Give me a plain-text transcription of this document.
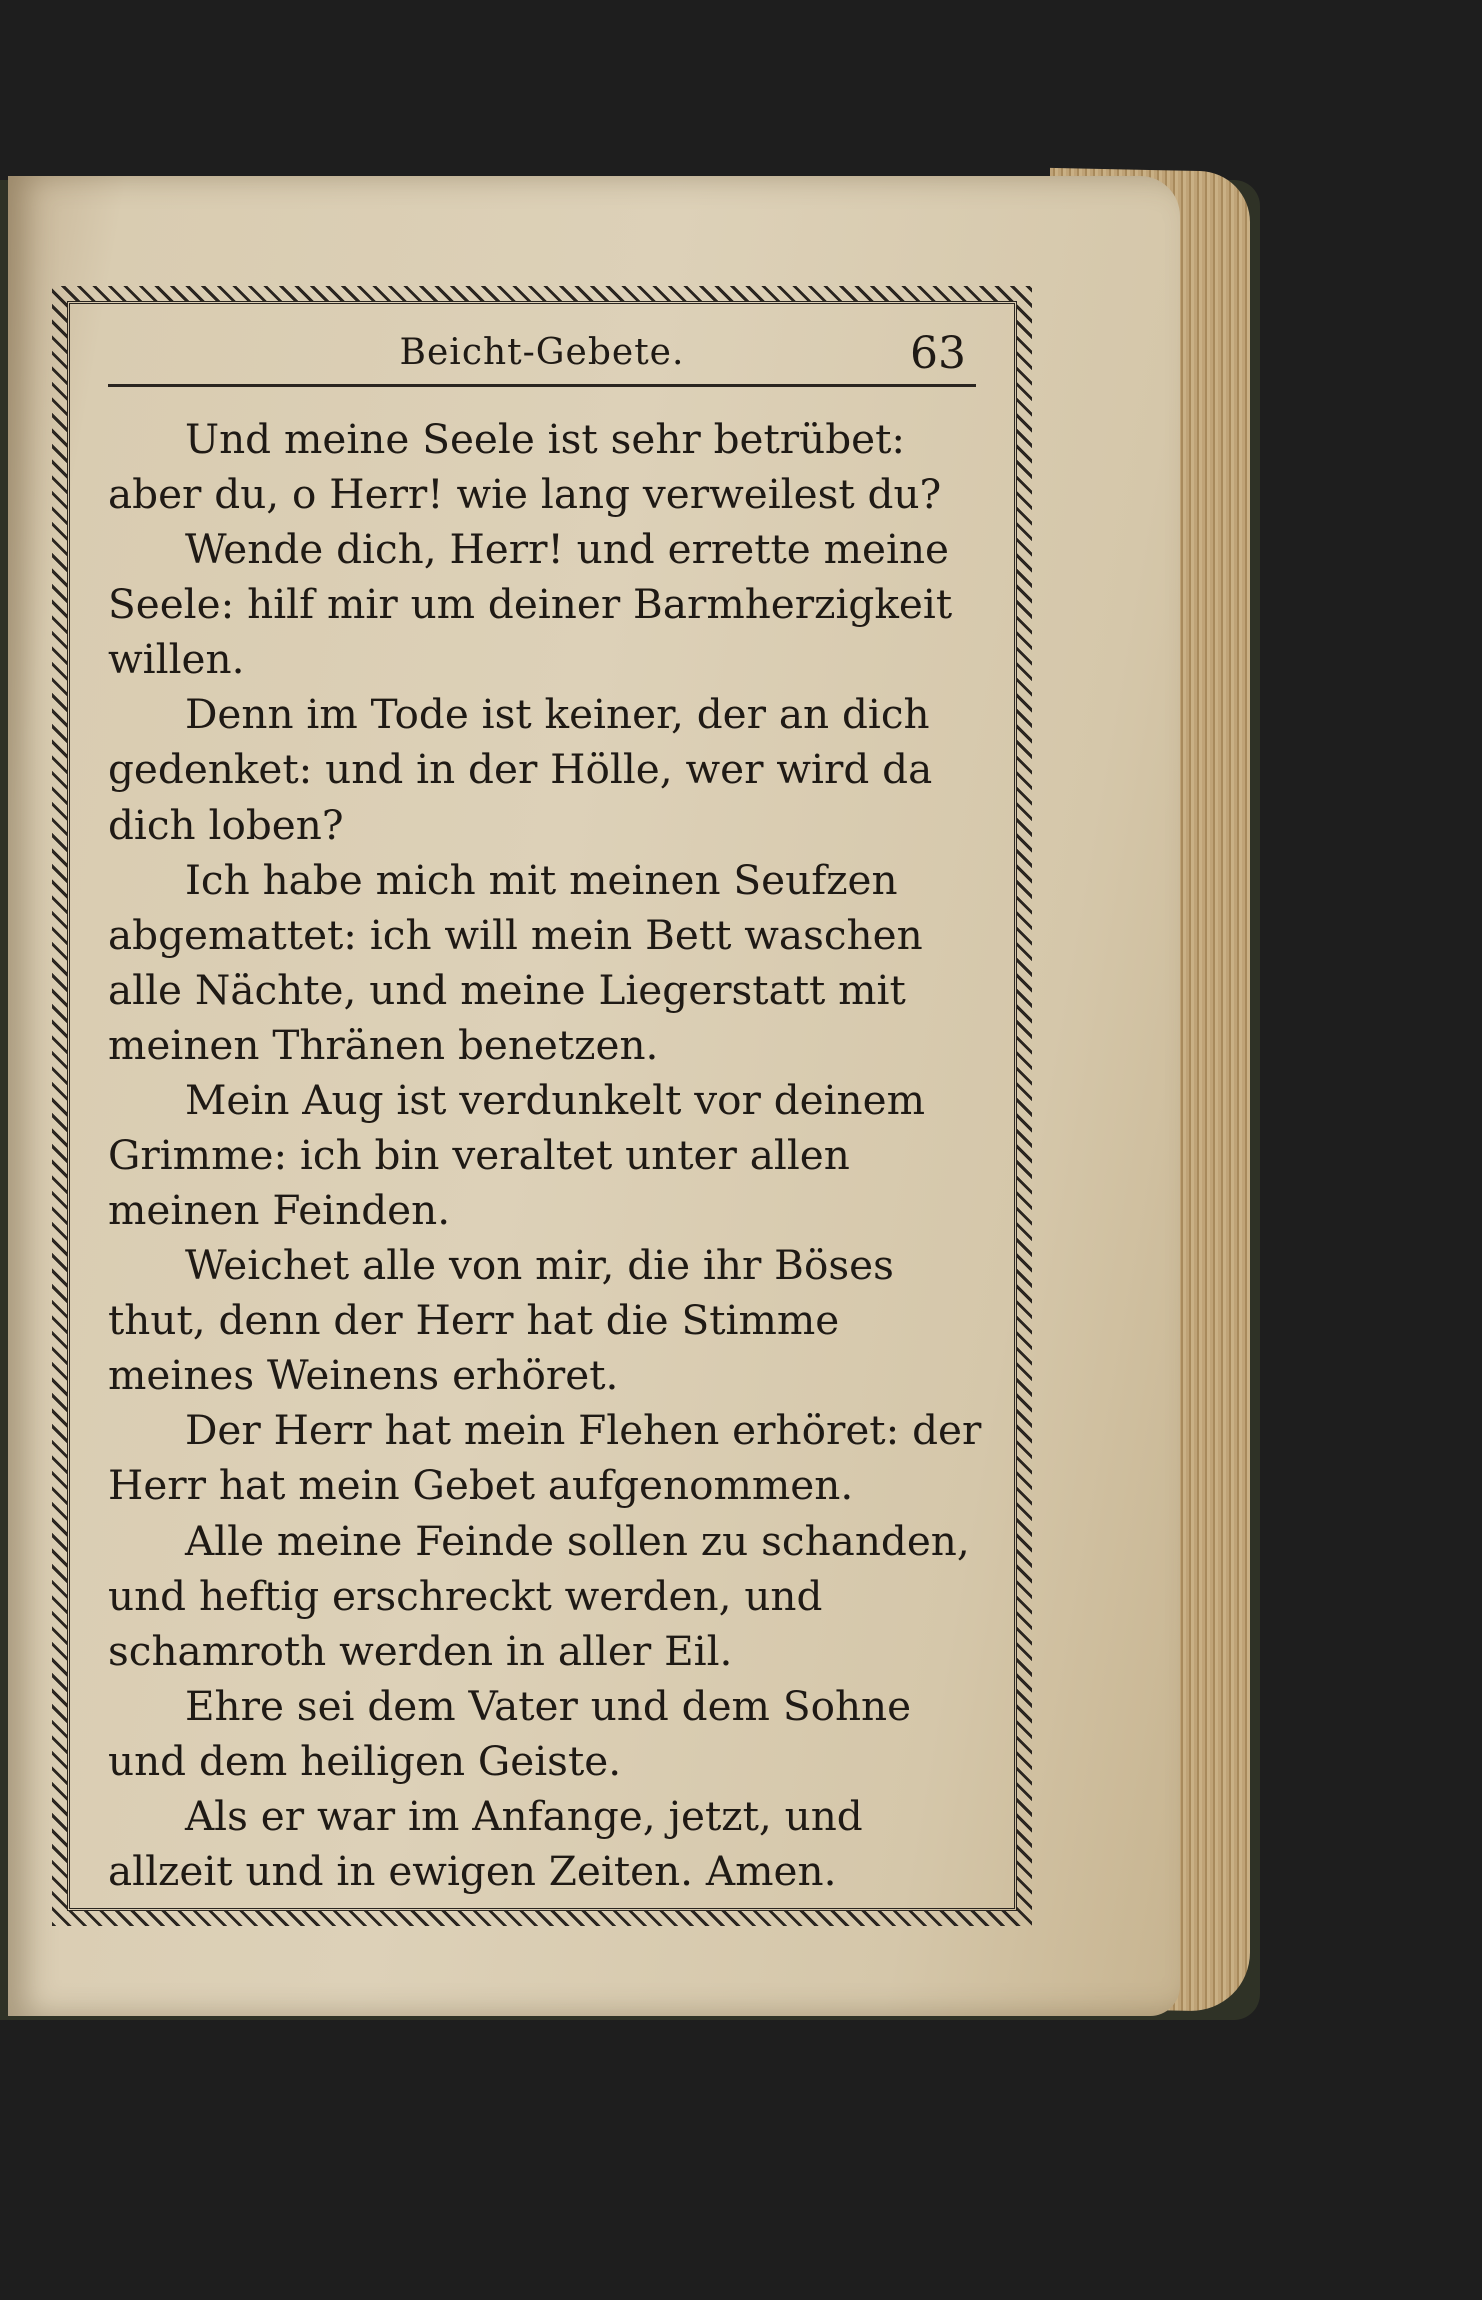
Beicht-Gebete.	63

Und meine Seele ist sehr betrübet: aber du, o Herr! wie lang verweilest du?

Wende dich, Herr! und errette meine Seele: hilf mir um deiner Barmherzigkeit willen.

Denn im Tode ist keiner, der an dich gedenket: und in der Hölle, wer wird da dich loben?

Ich habe mich mit meinen Seufzen abgemattet: ich will mein Bett waschen alle Nächte, und meine Liegerstatt mit meinen Thränen benetzen.

Mein Aug ist verdunkelt vor deinem Grimme: ich bin veraltet unter allen meinen Feinden.

Weichet alle von mir, die ihr Böses thut, denn der Herr hat die Stimme meines Weinens erhöret.

Der Herr hat mein Flehen erhöret: der Herr hat mein Gebet aufgenommen.

Alle meine Feinde sollen zu schanden, und heftig erschreckt werden, und schamroth werden in aller Eil.

Ehre sei dem Vater und dem Sohne und dem heiligen Geiste.

Als er war im Anfange, jetzt, und allzeit und in ewigen Zeiten. Amen.
